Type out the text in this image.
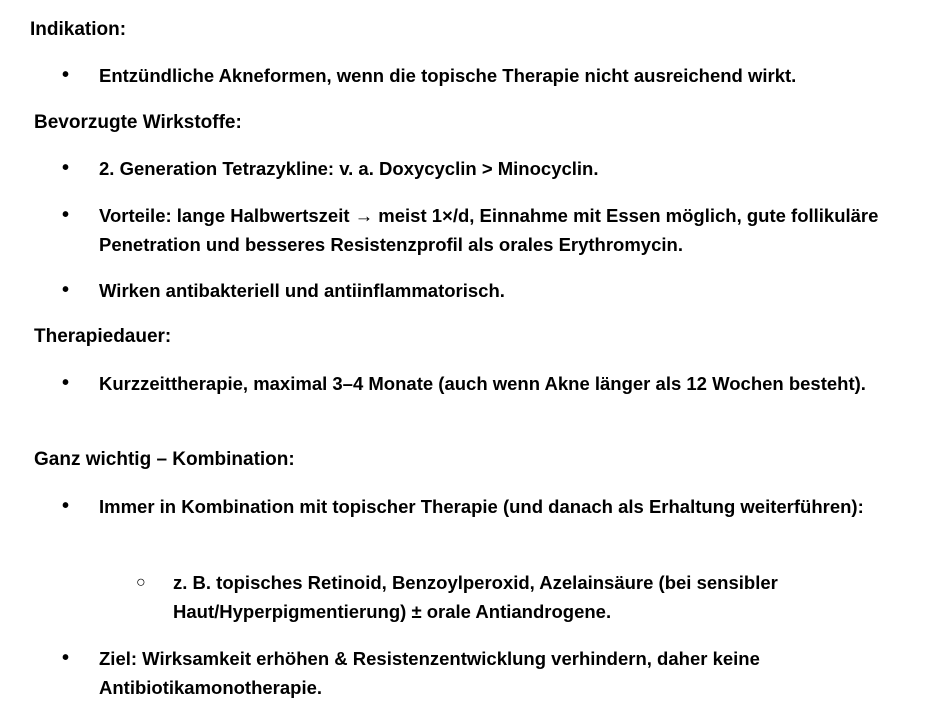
Indikation:
• Entzündliche Akneformen, wenn die topische Therapie nicht ausreichend wirkt.
Bevorzugte Wirkstoffe:
• 2. Generation Tetrazykline: v. a. Doxycyclin > Minocyclin.
• Vorteile: lange Halbwertszeit → meist 1×/d, Einnahme mit Essen möglich, gute follikuläre Penetration und besseres Resistenzprofil als orales Erythromycin.
• Wirken antibakteriell und antiinflammatorisch.
Therapiedauer:
• Kurzzeittherapie, maximal 3–4 Monate (auch wenn Akne länger als 12 Wochen besteht).
Ganz wichtig – Kombination:
• Immer in Kombination mit topischer Therapie (und danach als Erhaltung weiterführen):
○ z. B. topisches Retinoid, Benzoylperoxid, Azelainsäure (bei sensibler Haut/Hyperpigmentierung) ± orale Antiandrogene.
• Ziel: Wirksamkeit erhöhen & Resistenzentwicklung verhindern, daher keine Antibiotikamonotherapie.
